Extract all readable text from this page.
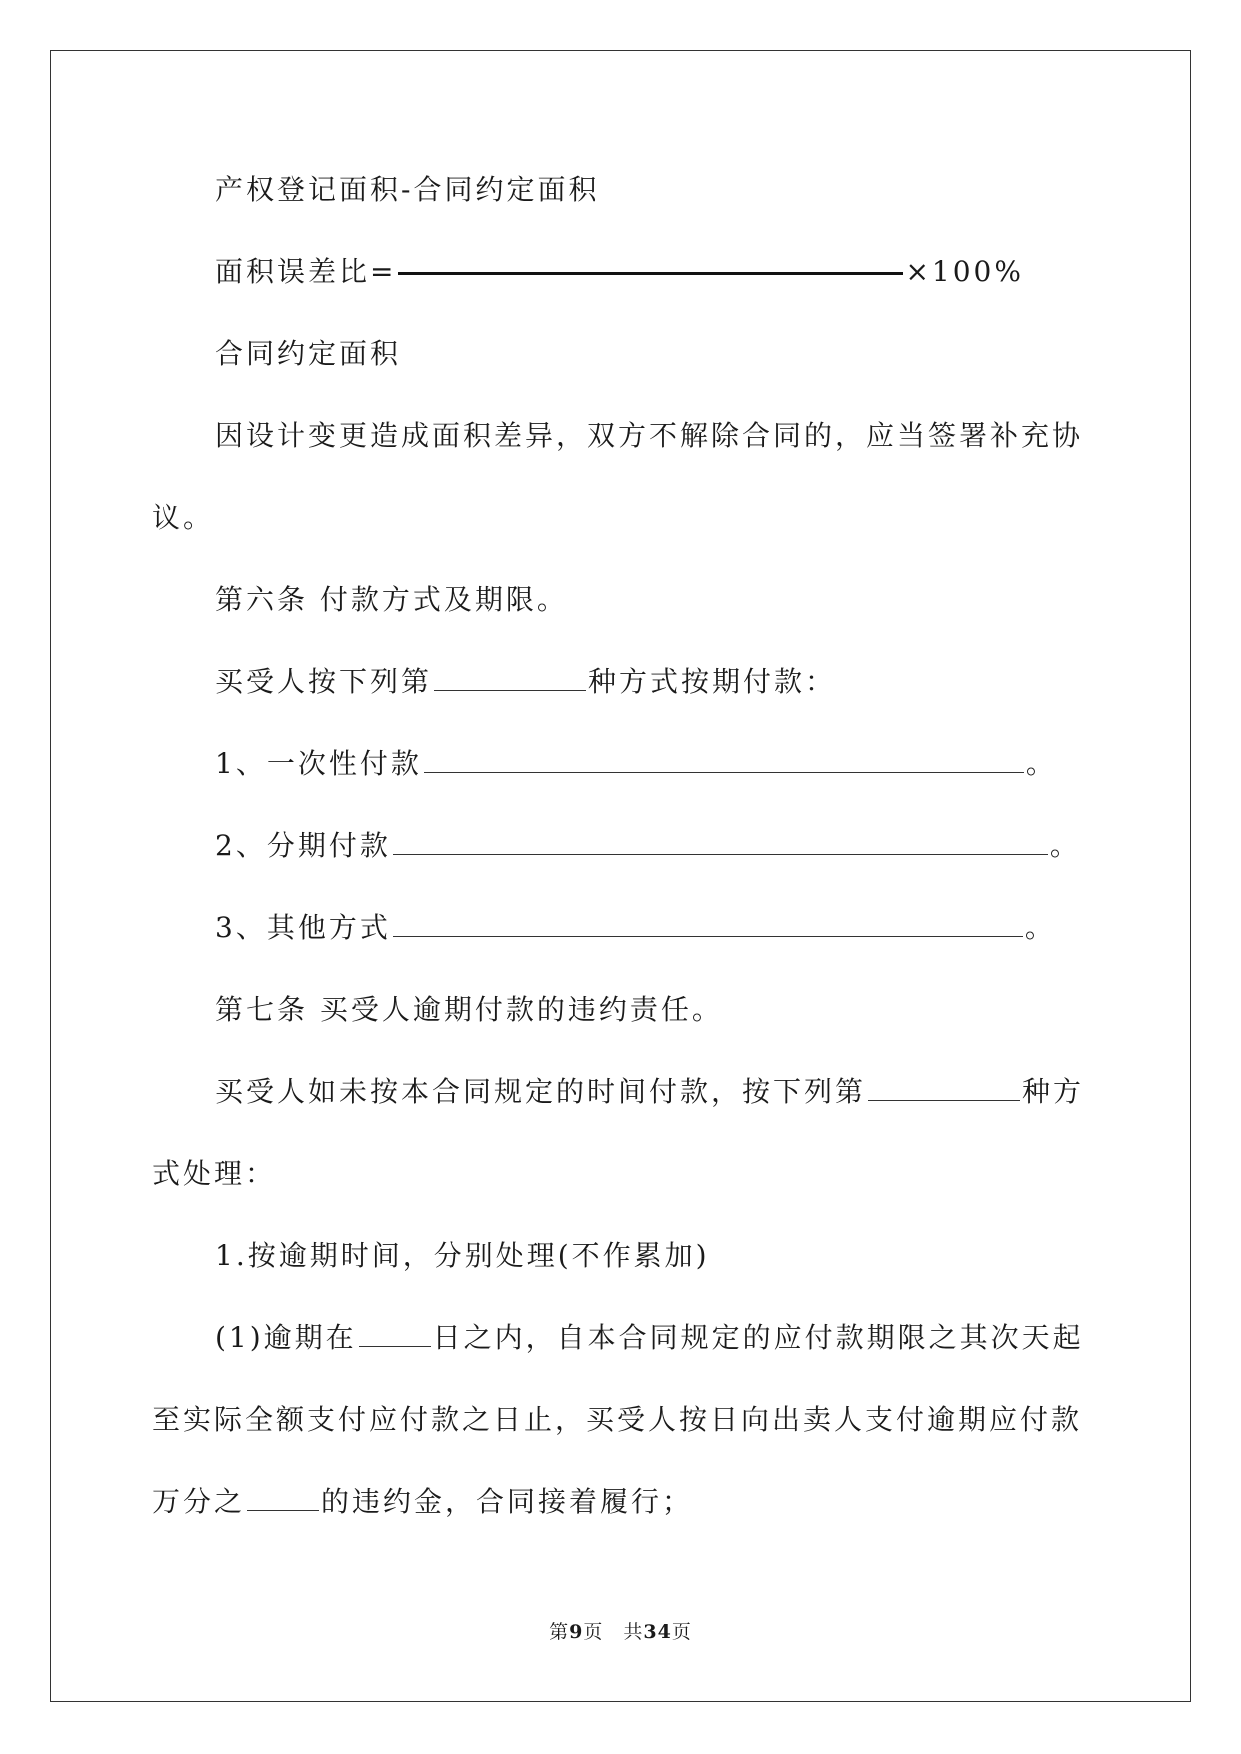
产权登记面积-合同约定面积
面积误差比=	×100%
合同约定面积
因设计变更造成面积差异，双方不解除合同的，应当签署补充协
议。
第六条 付款方式及期限。
买受人按下列第	种方式按期付款：
1、一次性付款	。
2、分期付款	。
3、其他方式	。
第七条 买受人逾期付款的违约责任。
买受人如未按本合同规定的时间付款，按下列第	种方
式处理：
1.按逾期时间，分别处理(不作累加)
(1)逾期在	日之内，自本合同规定的应付款期限之其次天起
至实际全额支付应付款之日止，买受人按日向出卖人支付逾期应付款
万分之	的违约金，合同接着履行；
第9页　共34页
